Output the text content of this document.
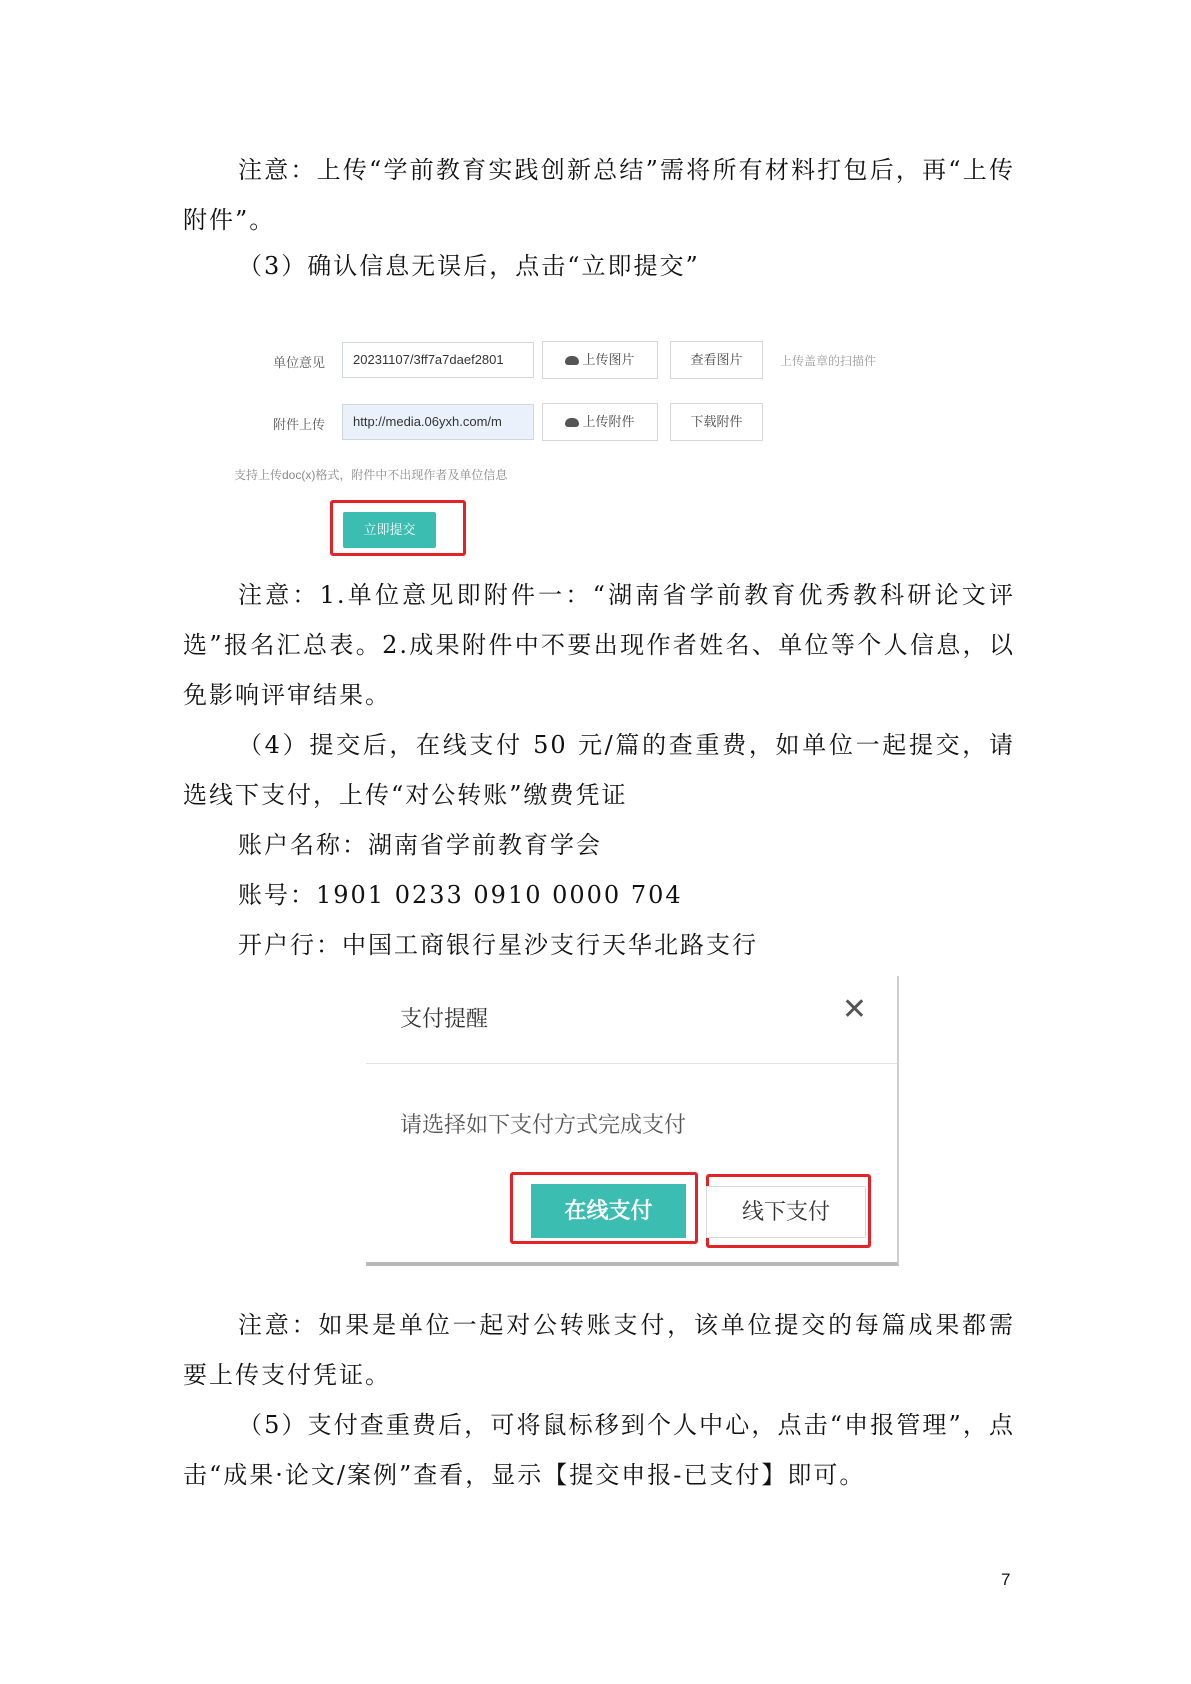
注意：上传“学前教育实践创新总结”需将所有材料打包后，再“上传附件”。

（3）确认信息无误后，点击“立即提交”
单位意见	20231107/3ff7a7daef2801	上传图片	查看图片	上传盖章的扫描件
附件上传	http://media.06yxh.com/m	上传附件	下载附件
支持上传doc(x)格式，附件中不出现作者及单位信息
立即提交

注意：1.单位意见即附件一：“湖南省学前教育优秀教科研论文评选”报名汇总表。2.成果附件中不要出现作者姓名、单位等个人信息，以免影响评审结果。

（4）提交后，在线支付 50 元/篇的查重费，如单位一起提交，请选线下支付，上传“对公转账”缴费凭证

账户名称：湖南省学前教育学会
账号：1901 0233 0910 0000 704
开户行：中国工商银行星沙支行天华北路支行
支付提醒	✕
请选择如下支付方式完成支付
在线支付	线下支付

注意：如果是单位一起对公转账支付，该单位提交的每篇成果都需要上传支付凭证。

（5）支付查重费后，可将鼠标移到个人中心，点击“申报管理”，点击“成果·论文/案例”查看，显示【提交申报-已支付】即可。

7
